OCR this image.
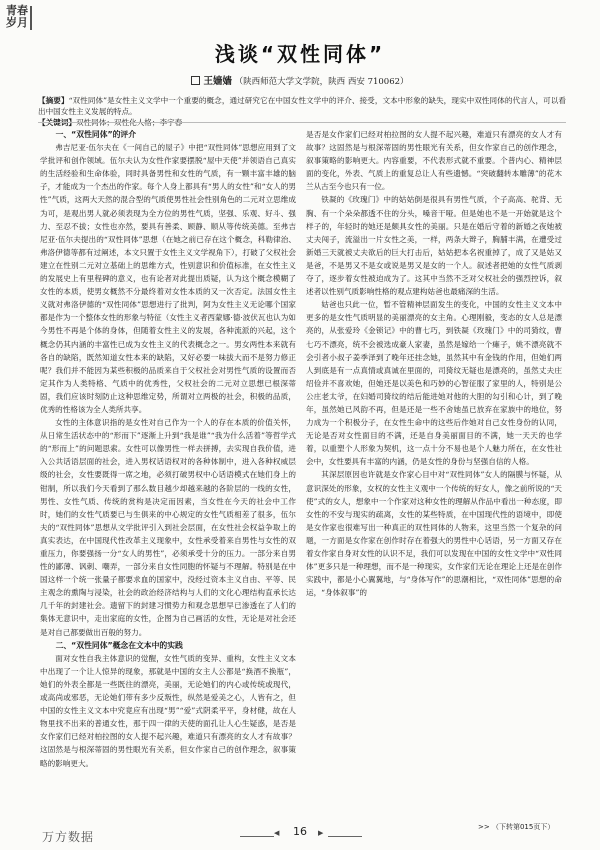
青春岁月
浅谈“双性同体”
王嫱嫱 （陕西师范大学文学院，陕西 西安 710062）
【摘要】“双性同体”是女性主义文学中一个重要的概念，通过研究它在中国女性文学中的评介、接受，文本中形象的缺失，现实中双性同体的代言人，可以看出中国女性主义发展的特点。
【关键词】双性同体；双性化人格；李宇春
一、“双性同体”的评介

弗吉尼亚·伍尔夫在《一间自己的屋子》中把“双性同体”思想应用到了文学批评和创作领域。伍尔夫认为女性作家要摆脱“屋中天使”并领语自己真实的生活经验和生命体验，同时具备男性和女性的气质，有一颗丰富丰雄的脑子，才能成为一个杰出的作家。每个人身上都具有“男人的女性”和“女人的男性”气质，这两大天然的混合型的气质使男性社会性别角色的二元对立思维成为可，是观出男人就必须表现为全方位的男性气质，坚强、乐观、好斗、强力、至忍不拔；女性也亦然，要具有善柔、顾静、顺从等传统美德。至弗吉尼亚·伍尔夫提出的“双性同体”思想（在她之前已存在这个概念，科勒律治、弗洛伊德等都有过阐述，本文只置于女性主义文学视角下），打破了父权社会建立在性别二元对立基础上的思维方式，性别意识和价值标准，在女性主义的发展史上有里程碑的意义，也有论者对此提出质疑，认为这个概念模糊了女性的本质，使男女概然不分最终着对女性本质的又一次否定。法国女性主义就对弗洛伊德的“双性同体”思想进行了批判，阿为女性主义无论哪个国家都是作为一个整体女性的形象与特征（女性主义者西蒙娜·德·波伏瓦也认为如今男性不再是个体的身体，但随着女性主义的发展，各种流派的兴起，这个概念仍其内涵的丰富性已成为女性主义的代表概念之一。男女两性本来就有各自的缺陷，既然知道女性本来的缺陷，又好必要一味拔大而不是努力修正呢？我们并不能因为某些积极的品质来自于父权社会对男性气质的设置而否定其作为人类特格、气质中的优秀性，父权社会的二元对立思想已根深蒂固，我们应该时刻防止这种思维定势，所谓对立两极的社会，积极的品质，优秀的性格该为全人类所共享。

女性的主体意识指的是女性对自己作为一个人的存在本质的价值关怀，从日常生活状态中的“形而下”逐渐上升到“我是谁”“我为什么活着”等哲学式的“形而上”的问题思索。女性可以像男性一样去拼搏，去实现自我价值，进入公共话语层面的社会，进入男权话语权对的各种体制中，进入各种权威层级的社会，女性要既得一席之地，必须打破男权中心话语模式在她们身上的钳制，所以我们今天看到了那么数目越少却越来越的各阶层的一线的女性，男性、女性气质、传统的赏构是决定而因素，当女性在今天的社会中工作时，她们的女性气质要已与生俱来的中心规定的女性气质相差了很多，伍尔夫的“双性同体”思想从文学批评引入到社会层面，在女性社会权益争取上的真实表达，在中国现代性改革主义现象中，女性承受着来自男性与女性的双重压力，你要强扬一分“女人的男性”，必须承受十分的压力。一部分来自男性的鄙薄、讽刺、嘲弄，一部分来自女性同胞的怀疑与不理解。特别是在中国这样一个统一张量子都要求血的国家中，没经过资本主义自由、平等、民主观念的熏陶与浸染，社会的政治经济结构与人们的文化心理结构直承长达几千年的封建社会。遗留下的封建习惯势力和观念思想早已渗透在了人们的集体无意识中，走出家庭的女性，企图为自己画活的女性，无论是对社会还是对自己都要做出百般的努力。

二、“双性同体”概念在文本中的实践

面对女性自我主体意识的觉醒，女性气质的变异、重构，女性主义文本中出现了一个让人惊异的现象，那就是中国的女主人公都是“换酒不换瓶”，她们的外表全都是一些既往的漂亮，美丽，无论她们的内心或传统或现代，或高尚或邪恶，无论她们带有多少反叛性，纵然是爱美之心，人皆有之，但中国的女性主义文本中究竟应有出现“男”“爱”式阴柔平平，身材健，故在人物里找不出来的普通女性，那于四一律的天使的面孔让人心生疑惑，是否是女作家们已经对柏拉图的女人提不起兴趣，难道只有漂亮的女人才有故事？这固然是与根深蒂固的男性眼光有关系，但女作家自己的创作理念，叙事策略的影响更大。

是否是女作家们已经对柏拉图的女人提不起兴趣，难道只有漂亮的女人才有故事？这固然是与根深蒂固的男性眼光有关系，但女作家自己的创作理念，叙事策略的影响更大。内容重要，不代表形式就不重要。个普内心、精神层面的变化，外表、气质上的重复总让人有些遗憾。“突破翻转本雕薄”的花木兰从古至今也只有一位。

铁凝的《玫瑰门》中的姑姑倒是很具有男性气质，个子高高、驼背、无胸、有一个朵朵都透不住的分头，嗓音干哑。但是她也不是一开始就是这个样子的，年轻时的她还是颇具女性的美丽。只是在婚后守着的新婚之夜她被丈夫闯子，流溢出一片女性之美，一样，两条大辫子，胸脯丰满，在遭受过新婚三天就被丈夫欲后的巨大打击后，姑姑把本名祝重掉了，成了又是姑又是爸，不是男又不是女或说是男又是女的一个人。叙述者把她的女性气质剥夺了，逐步着女性被迫成为了。这其中当然不乏对父权社会的强烈控诉，叙述者以性别气质影响性格的观点建构姑爸也最痛深的生活。

姑爸也只此一位，暂不管精神层面发生的变化，中国的女性主义文本中更多的是女性气质明显的美丽漂亮的女主角。心理刚毅，变态的女人总是漂亮的，从张爱玲《金锁记》中的曹七巧，到铁凝《玫瑰门》中的司猗纹，曹七巧不漂亮，统不会被选成豪人家妻，虽然是嫁给一个瘫子，姚不漂亮就不会引者小叔子姜季泽到了晚年还挂念她，虽然其中有金钱的作用，但她们两人到底是有一点真情或真诚在里面的，司猗纹无疑也是漂亮的，虽然丈夫庄绍俭并不喜欢她，但她还是以美色和巧妙的心智征服了家里的人，特别是公公庄老太爷，在妇婚司猗纹的结后能进她对他的大胆的勾引和心计，到了晚年，虽然她已风韵不再，但是还是一些不舍她虽已放弃在家族中的地位，努力成为一个积极分子，在女性生命中的这些后作她对自己女性身份的认同，无论是否对女性面目的不满，还是自身美丽面目的不满，她一天天的也学着，以重塑个人形象为契机，这一点十分不易也是个人魅力所在，在女性社会中，女性要具有丰富的内涵，仍是女性的身份与坚强自信的人格。

其深层原因也许就是女作家心目中对“双性同体”女人的隔膜与怀疑，从意识深处的形象，女权的女性主义观中一个传统的好女人，像之前所说的“天使”式的女人，想象中一个作家对这种女性的理解从作品中看出一种态度，即女性的不安与现实的疏离，女性的某些特质，在中国现代性的语境中，即使是女作家也很难写出一种真正的双性同体的人物来，这里当然一个复杂的问题，一方面是女作家在创作时存在着强大的男性中心话语，另一方面又存在着女作家自身对女性的认识不足，我们可以发现在中国的女性文学中“双性同体”更多只是一种理想，而不是一种现实，女作家们无论在理论上还是在创作实践中，都是小心翼翼地，与“身体写作”的思潮相比，“双性同体”思想的命运，“身体叙事”的

>> （下转第015页下）
万方数据	◀	16	▶
